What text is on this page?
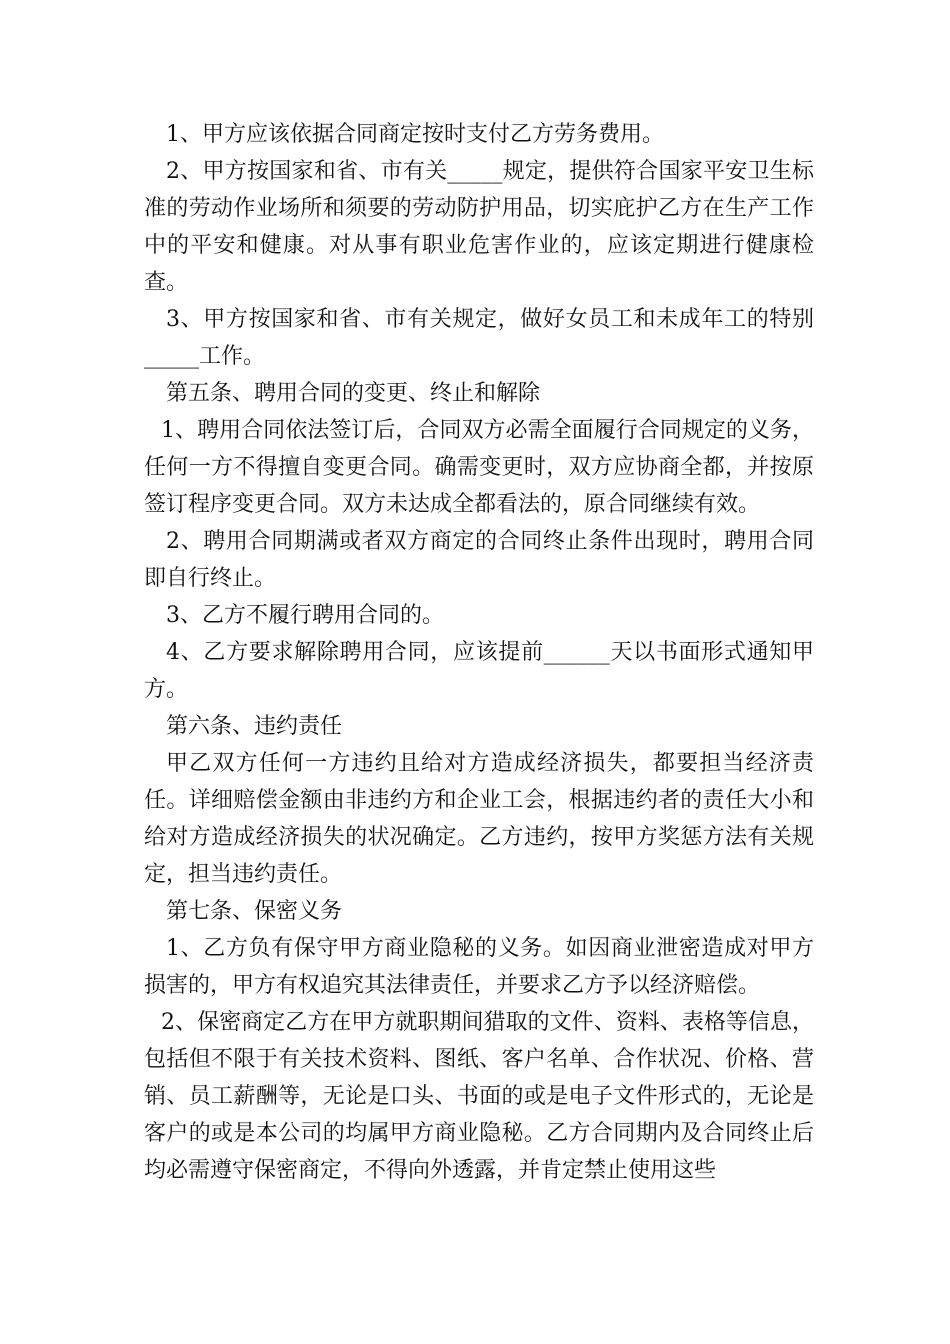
1、甲方应该依据合同商定按时支付乙方劳务费用。

2、甲方按国家和省、市有关_____规定，提供符合国家平安卫生标准的劳动作业场所和须要的劳动防护用品，切实庇护乙方在生产工作中的平安和健康。对从事有职业危害作业的，应该定期进行健康检查。

3、甲方按国家和省、市有关规定，做好女员工和未成年工的特别_____工作。

第五条、聘用合同的变更、终止和解除

1、聘用合同依法签订后，合同双方必需全面履行合同规定的义务，任何一方不得擅自变更合同。确需变更时，双方应协商全都，并按原签订程序变更合同。双方未达成全都看法的，原合同继续有效。

2、聘用合同期满或者双方商定的合同终止条件出现时，聘用合同即自行终止。

3、乙方不履行聘用合同的。

4、乙方要求解除聘用合同，应该提前______天以书面形式通知甲方。

第六条、违约责任

甲乙双方任何一方违约且给对方造成经济损失，都要担当经济责任。详细赔偿金额由非违约方和企业工会，根据违约者的责任大小和给对方造成经济损失的状况确定。乙方违约，按甲方奖惩方法有关规定，担当违约责任。

第七条、保密义务

1、乙方负有保守甲方商业隐秘的义务。如因商业泄密造成对甲方损害的，甲方有权追究其法律责任，并要求乙方予以经济赔偿。

2、保密商定乙方在甲方就职期间猎取的文件、资料、表格等信息，包括但不限于有关技术资料、图纸、客户名单、合作状况、价格、营销、员工薪酬等，无论是口头、书面的或是电子文件形式的，无论是客户的或是本公司的均属甲方商业隐秘。乙方合同期内及合同终止后均必需遵守保密商定，不得向外透露，并肯定禁止使用这些
